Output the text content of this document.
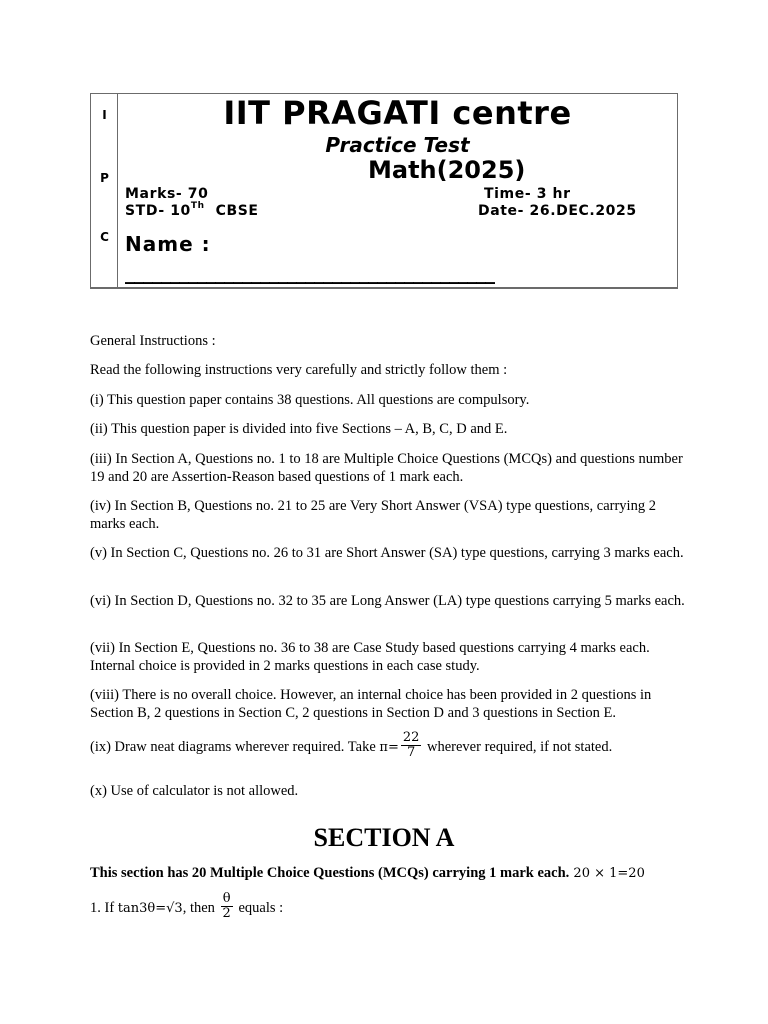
I
P
C
IIT PRAGATI centre
Practice Test
Math(2025)
Marks- 70	Time- 3 hr
STD- 10Th  CBSE	Date- 26.DEC.2025
Name :
_________________________________________
General Instructions :
Read the following instructions very carefully and strictly follow them :
(i) This question paper contains 38 questions. All questions are compulsory.
(ii) This question paper is divided into five Sections – A, B, C, D and E.
(iii) In Section A, Questions no. 1 to 18 are Multiple Choice Questions (MCQs) and questions number 19 and 20 are Assertion-Reason based questions of 1 mark each.
(iv) In Section B, Questions no. 21 to 25 are Very Short Answer (VSA) type questions, carrying 2 marks each.
(v) In Section C, Questions no. 26 to 31 are Short Answer (SA) type questions, carrying 3 marks each.
(vi) In Section D, Questions no. 32 to 35 are Long Answer (LA) type questions carrying 5 marks each.
(vii) In Section E, Questions no. 36 to 38 are Case Study based questions carrying 4 marks each. Internal choice is provided in 2 marks questions in each case study.
(viii) There is no overall choice. However, an internal choice has been provided in 2 questions in Section B, 2 questions in Section C, 2 questions in Section D and 3 questions in Section E.
(ix) Draw neat diagrams wherever required. Take $\pi= \frac{22}{7}$ wherever required, if not stated.
(x) Use of calculator is not allowed.
SECTION A
This section has 20 Multiple Choice Questions (MCQs) carrying 1 mark each. 20 × 1=20
1. If tan3θ=√3, then $\frac{\theta}{2}$ equals :
